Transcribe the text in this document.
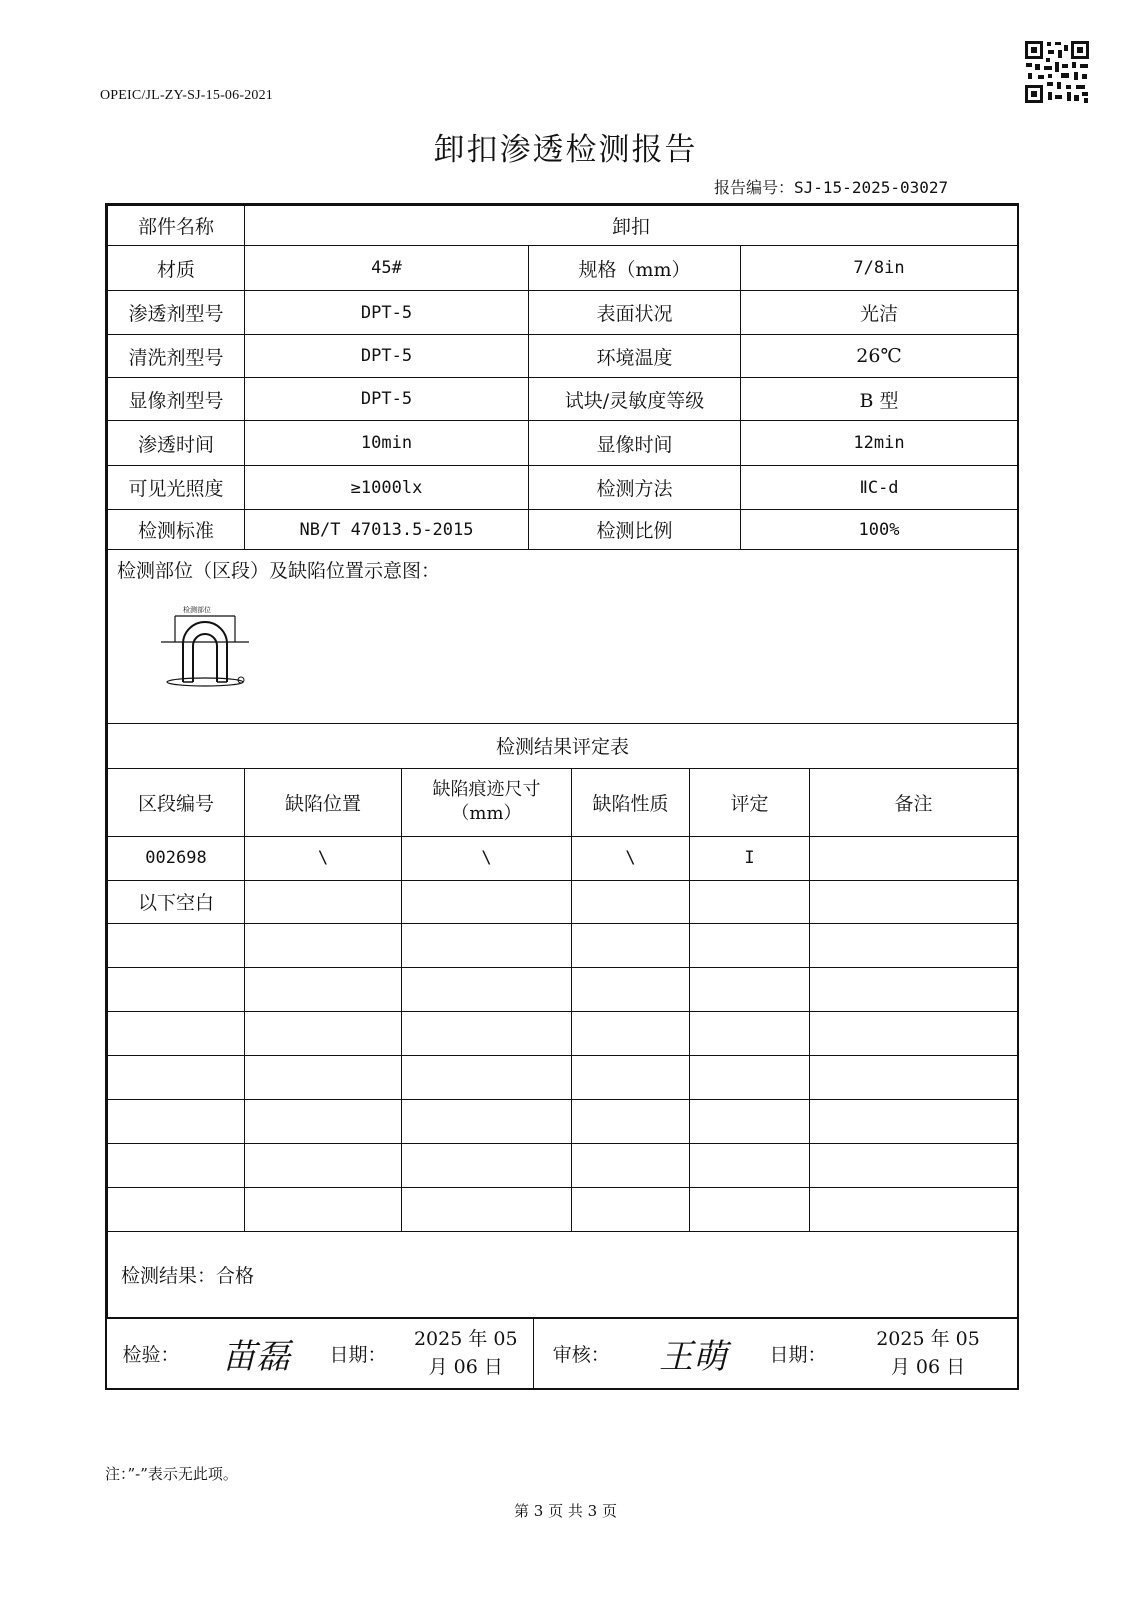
OPEIC/JL-ZY-SJ-15-06-2021
卸扣渗透检测报告
报告编号：SJ-15-2025-03027
部件名称	卸扣		
材质	45#	规格（mm）	7/8in
渗透剂型号	DPT-5	表面状况	光洁
清洗剂型号	DPT-5	环境温度	26℃
显像剂型号	DPT-5	试块/灵敏度等级	B 型
渗透时间	10min	显像时间	12min
可见光照度	≥1000lx	检测方法	ⅡC-d
检测标准	NB/T 47013.5-2015	检测比例	100%

检测部位（区段）及缺陷位置示意图：
检测部位			
检测结果评定表					
区段编号	缺陷位置	缺陷痕迹尺寸（mm）	缺陷性质	评定	备注
002698	\	\	\	I	
以下空白					

检测结果：合格					
检验：	苗磊	日期：	2025 年 05 月 06 日	审核：	王萌	日期：	2025 年 05 月 06 日
注：”-”表示无此项。
第 3 页 共 3 页
